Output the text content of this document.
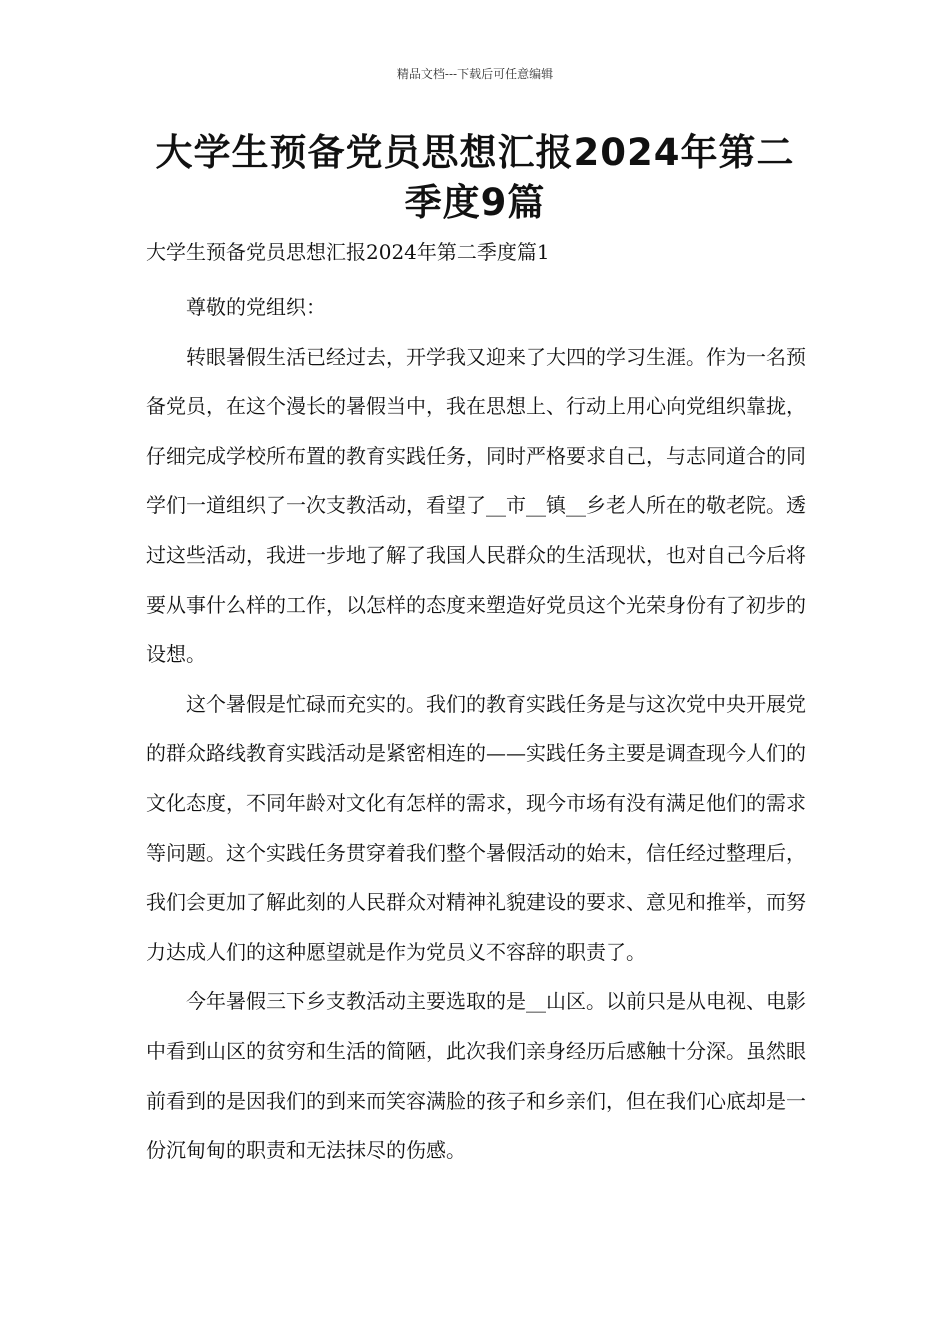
精品文档---下载后可任意编辑
大学生预备党员思想汇报2024年第二季度9篇
大学生预备党员思想汇报2024年第二季度篇1

尊敬的党组织：

转眼暑假生活已经过去，开学我又迎来了大四的学习生涯。作为一名预备党员，在这个漫长的暑假当中，我在思想上、行动上用心向党组织靠拢，仔细完成学校所布置的教育实践任务，同时严格要求自己，与志同道合的同学们一道组织了一次支教活动，看望了__市__镇__乡老人所在的敬老院。透过这些活动，我进一步地了解了我国人民群众的生活现状，也对自己今后将要从事什么样的工作，以怎样的态度来塑造好党员这个光荣身份有了初步的设想。

这个暑假是忙碌而充实的。我们的教育实践任务是与这次党中央开展党的群众路线教育实践活动是紧密相连的——实践任务主要是调查现今人们的文化态度，不同年龄对文化有怎样的需求，现今市场有没有满足他们的需求等问题。这个实践任务贯穿着我们整个暑假活动的始末，信任经过整理后，我们会更加了解此刻的人民群众对精神礼貌建设的要求、意见和推举，而努力达成人们的这种愿望就是作为党员义不容辞的职责了。

今年暑假三下乡支教活动主要选取的是__山区。以前只是从电视、电影中看到山区的贫穷和生活的简陋，此次我们亲身经历后感触十分深。虽然眼前看到的是因我们的到来而笑容满脸的孩子和乡亲们，但在我们心底却是一份沉甸甸的职责和无法抹尽的伤感。
